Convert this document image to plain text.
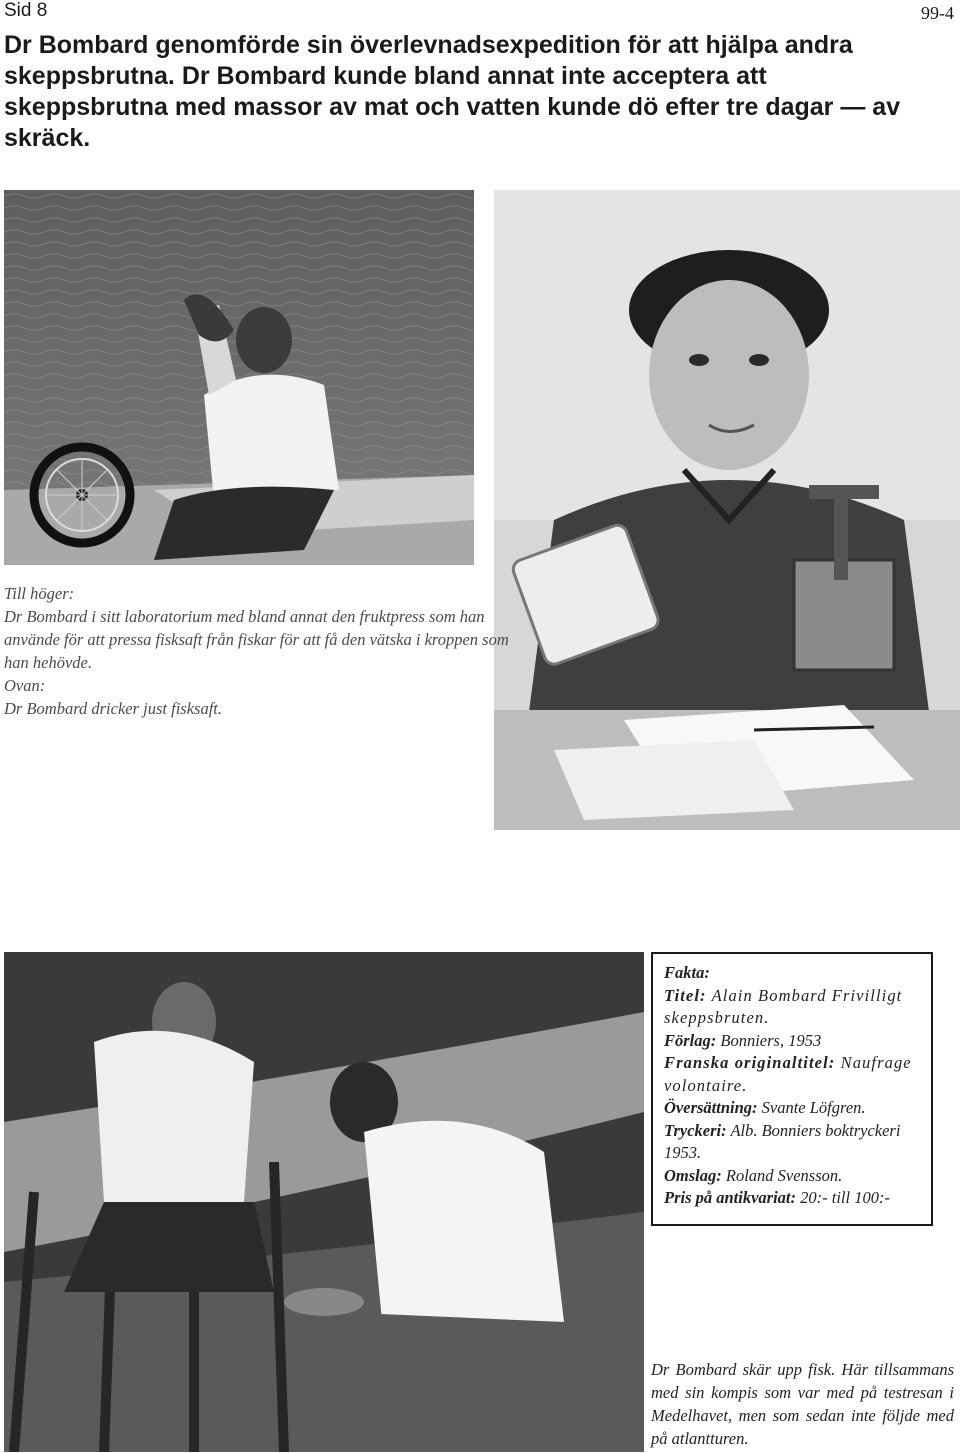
Sid 8	99-4
Dr Bombard genomförde sin överlevnadsexpedition för att hjälpa andra skeppsbrutna. Dr Bombard kunde bland annat inte acceptera att skeppsbrutna med massor av mat och vatten kunde dö efter tre dagar — av skräck.

Till höger:

Dr Bombard i sitt laboratorium med bland annat den fruktpress som han använde för att pressa fisksaft från fiskar för att få den vätska i kroppen som han hehövde.

Ovan:

Dr Bombard dricker just fisksaft.

Fakta:

Titel: Alain Bombard Frivilligt skeppsbruten.

Förlag: Bonniers, 1953

Franska originaltitel: Naufrage volontaire.

Översättning: Svante Löfgren.

Tryckeri: Alb. Bonniers boktryckeri 1953.

Omslag: Roland Svensson.

Pris på antikvariat: 20:- till 100:-

Dr Bombard skär upp fisk. Här tillsammans med sin kompis som var med på testresan i Medelhavet, men som sedan inte följde med på atlantturen.
